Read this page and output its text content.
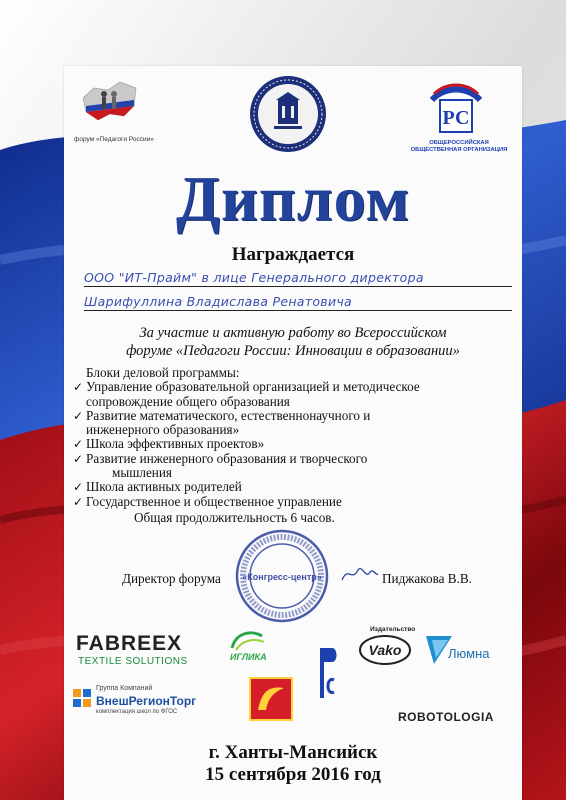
форум «Педагоги России»
РС
ОБЩЕРОССИЙСКАЯ
ОБЩЕСТВЕННАЯ ОРГАНИЗАЦИЯ
Диплом
Награждается
ООО "ИТ-Прайм" в лице Генерального директора
Шарифуллина Владислава Ренатовича
За участие и активную работу во Всероссийском
форуме «Педагоги России: Инновации в образовании»
Блоки деловой программы:
✓ Управление образовательной организацией и методическое
сопровождение общего образования
✓ Развитие математического, естественнонаучного и
инженерного образования»
✓ Школа эффективных проектов»
✓ Развитие инженерного образования и творческого
мышления
✓ Школа активных родителей
✓ Государственное и общественное управление
Общая продолжительность 6 часов.
Директор форума	Пиджакова В.В.
«Конгресс-центр»
FABREEX
TEXTILE SOLUTIONS	ИГЛИКА
Издательство
Vako	Люмна
Группа Компаний
ВнешРегионТорг
комплектация школ по ФГОС	ROBOTOLOGIA
г. Ханты-Мансийск
15 сентября 2016 год
